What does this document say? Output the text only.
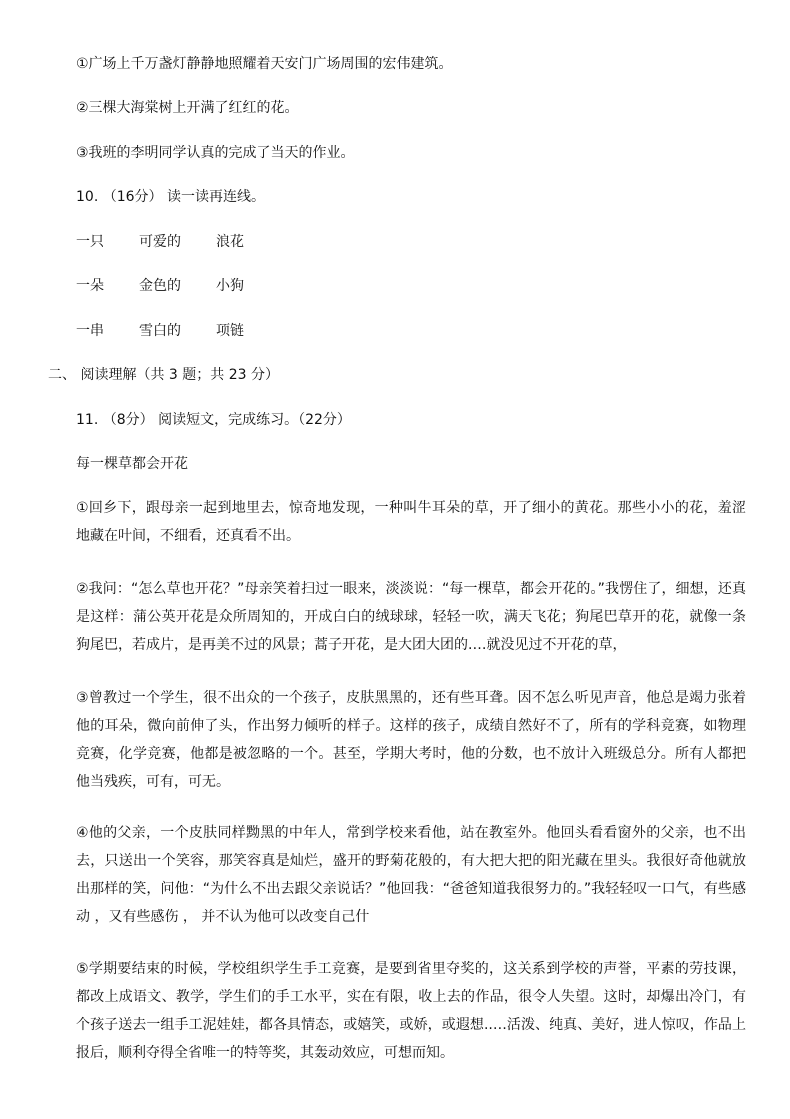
①广场上千万盏灯静静地照耀着天安门广场周围的宏伟建筑。
②三棵大海棠树上开满了红红的花。
③我班的李明同学认真的完成了当天的作业。
10. （16分） 读一读再连线。
一只	可爱的	浪花
一朵	金色的	小狗
一串	雪白的	项链
二、 阅读理解（共 3 题；共 23 分）
11. （8分） 阅读短文，完成练习。（22分）
每一棵草都会开花
①回乡下，跟母亲一起到地里去，惊奇地发现，一种叫牛耳朵的草，开了细小的黄花。那些小小的花，羞涩地藏在叶间，不细看，还真看不出。
②我问：“怎么草也开花？”母亲笑着扫过一眼来，淡淡说：“每一棵草，都会开花的。”我愣住了，细想，还真是这样：蒲公英开花是众所周知的，开成白白的绒球球，轻轻一吹，满天飞花；狗尾巴草开的花，就像一条狗尾巴，若成片，是再美不过的风景；蒿子开花，是大团大团的.…就没见过不开花的草，
③曾教过一个学生，很不出众的一个孩子，皮肤黑黑的，还有些耳聋。因不怎么听见声音，他总是竭力张着他的耳朵，微向前伸了头，作出努力倾听的样子。这样的孩子，成绩自然好不了，所有的学科竞赛，如物理竞赛，化学竞赛，他都是被忽略的一个。甚至，学期大考时，他的分数，也不放计入班级总分。所有人都把他当残疾，可有，可无。
④他的父亲，一个皮肤同样黝黑的中年人，常到学校来看他，站在教室外。他回头看看窗外的父亲，也不出去，只送出一个笑容，那笑容真是灿烂，盛开的野菊花般的，有大把大把的阳光藏在里头。我很好奇他就放出那样的笑，问他：“为什么不出去跟父亲说话？”他回我：“爸爸知道我很努力的。”我轻轻叹一口气，有些感动 ，又有些感伤 ， 并不认为他可以改变自己什
⑤学期要结束的时候，学校组织学生手工竞赛，是要到省里夺奖的，这关系到学校的声誉，平素的劳技课，都改上成语文、教学，学生们的手工水平，实在有限，收上去的作品，很令人失望。这时，却爆出冷门，有个孩子送去一组手工泥娃娃，都各具情态，或嬉笑，或娇，或遐想..…活泼、纯真、美好，进人惊叹，作品上报后，顺利夺得全省唯一的特等奖，其轰动效应，可想而知。
